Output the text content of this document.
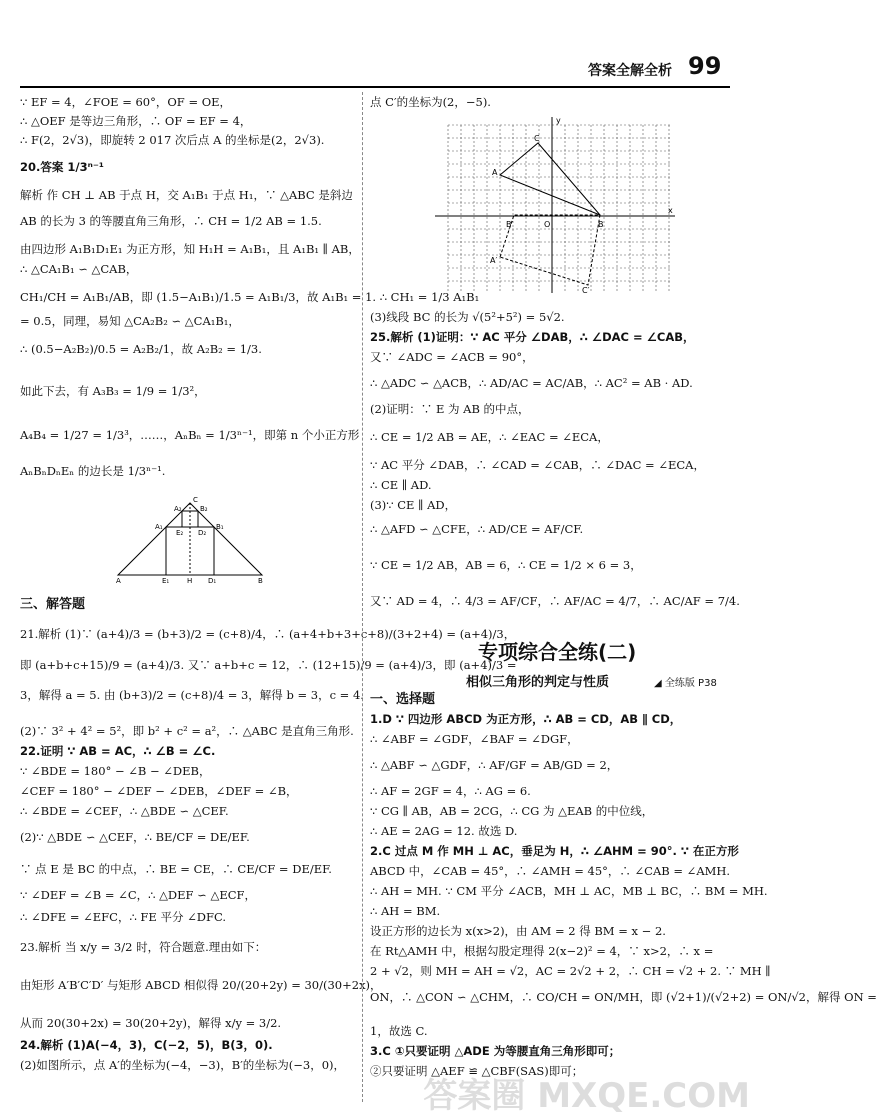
答案全解全析 99
∵ EF = 4，∠FOE = 60°，OF = OE，
∴ △OEF 是等边三角形，∴ OF = EF = 4，
∴ F(2，2√3)，即旋转 2 017 次后点 A 的坐标是(2，2√3).
20.答案 1/3ⁿ⁻¹
解析 作 CH ⊥ AB 于点 H，交 A₁B₁ 于点 H₁，∵ △ABC 是斜边
AB 的长为 3 的等腰直角三角形，∴ CH = 1/2 AB = 1.5.
由四边形 A₁B₁D₁E₁ 为正方形，知 H₁H = A₁B₁，且 A₁B₁ ∥ AB，
∴ △CA₁B₁ ∽ △CAB，
CH₁/CH = A₁B₁/AB，即 (1.5−A₁B₁)/1.5 = A₁B₁/3，故 A₁B₁ = 1. ∴ CH₁ = 1/3 A₁B₁
= 0.5，同理，易知 △CA₂B₂ ∽ △CA₁B₁，
∴ (0.5−A₂B₂)/0.5 = A₂B₂/1，故 A₂B₂ = 1/3.
如此下去，有 A₃B₃ = 1/9 = 1/3²，
A₄B₄ = 1/27 = 1/3³，……，AₙBₙ = 1/3ⁿ⁻¹，即第 n 个小正方形
AₙBₙDₙEₙ 的边长是 1/3ⁿ⁻¹.
三、解答题
21.解析 (1)∵ (a+4)/3 = (b+3)/2 = (c+8)/4，∴ (a+4+b+3+c+8)/(3+2+4) = (a+4)/3，
即 (a+b+c+15)/9 = (a+4)/3. 又∵ a+b+c = 12，∴ (12+15)/9 = (a+4)/3，即 (a+4)/3 =
3，解得 a = 5. 由 (b+3)/2 = (c+8)/4 = 3，解得 b = 3，c = 4.
(2)∵ 3² + 4² = 5²，即 b² + c² = a²，∴ △ABC 是直角三角形.
22.证明 ∵ AB = AC，∴ ∠B = ∠C.
∵ ∠BDE = 180° − ∠B − ∠DEB，
∠CEF = 180° − ∠DEF − ∠DEB，∠DEF = ∠B，
∴ ∠BDE = ∠CEF，∴ △BDE ∽ △CEF.
(2)∵ △BDE ∽ △CEF，∴ BE/CF = DE/EF.
∵ 点 E 是 BC 的中点，∴ BE = CE，∴ CE/CF = DE/EF.
∵ ∠DEF = ∠B = ∠C，∴ △DEF ∽ △ECF，
∴ ∠DFE = ∠EFC，∴ FE 平分 ∠DFC.
23.解析 当 x/y = 3/2 时，符合题意.理由如下：
由矩形 A′B′C′D′ 与矩形 ABCD 相似得 20/(20+2y) = 30/(30+2x)，
从而 20(30+2x) = 30(20+2y)，解得 x/y = 3/2.
24.解析 (1)A(−4，3)，C(−2，5)，B(3，0).
(2)如图所示，点 A′的坐标为(−4，−3)，B′的坐标为(−3，0)，
点 C′的坐标为(2，−5).
(3)线段 BC 的长为 √(5²+5²) = 5√2.
25.解析 (1)证明：∵ AC 平分 ∠DAB，∴ ∠DAC = ∠CAB，
又∵ ∠ADC = ∠ACB = 90°，
∴ △ADC ∽ △ACB，∴ AD/AC = AC/AB，∴ AC² = AB · AD.
(2)证明：∵ E 为 AB 的中点，
∴ CE = 1/2 AB = AE，∴ ∠EAC = ∠ECA，
∵ AC 平分 ∠DAB，∴ ∠CAD = ∠CAB，∴ ∠DAC = ∠ECA，
∴ CE ∥ AD.
(3)∵ CE ∥ AD，
∴ △AFD ∽ △CFE，∴ AD/CE = AF/CF.
∵ CE = 1/2 AB，AB = 6，∴ CE = 1/2 × 6 = 3，
又∵ AD = 4，∴ 4/3 = AF/CF，∴ AF/AC = 4/7，∴ AC/AF = 7/4.
一、选择题
1.D ∵ 四边形 ABCD 为正方形，∴ AB = CD，AB ∥ CD，
∴ ∠ABF = ∠GDF，∠BAF = ∠DGF，
∴ △ABF ∽ △GDF，∴ AF/GF = AB/GD = 2，
∴ AF = 2GF = 4，∴ AG = 6.
∵ CG ∥ AB，AB = 2CG，∴ CG 为 △EAB 的中位线，
∴ AE = 2AG = 12. 故选 D.
2.C 过点 M 作 MH ⊥ AC，垂足为 H，∴ ∠AHM = 90°. ∵ 在正方形
ABCD 中，∠CAB = 45°，∴ ∠AMH = 45°，∴ ∠CAB = ∠AMH.
∴ AH = MH. ∵ CM 平分 ∠ACB，MH ⊥ AC，MB ⊥ BC，∴ BM = MH.
∴ AH = BM.
设正方形的边长为 x(x>2)，由 AM = 2 得 BM = x − 2.
在 Rt△AMH 中，根据勾股定理得 2(x−2)² = 4，∵ x>2，∴ x =
2 + √2，则 MH = AH = √2，AC = 2√2 + 2，∴ CH = √2 + 2. ∵ MH ∥
ON，∴ △CON ∽ △CHM，∴ CO/CH = ON/MH，即 (√2+1)/(√2+2) = ON/√2，解得 ON =
1，故选 C.
3.C ①只要证明 △ADE 为等腰直角三角形即可；
②只要证明 △AEF ≌ △CBF(SAS)即可；
A₂	B₂
A₁	B₁
E₂ D₂
A	E₁	H D₁	B
C
y
C
A
B′	O	B
x
A′
C′
专项综合全练(二)
相似三角形的判定与性质	◢ 全练版 P38
答案圈 MXQE.COM
